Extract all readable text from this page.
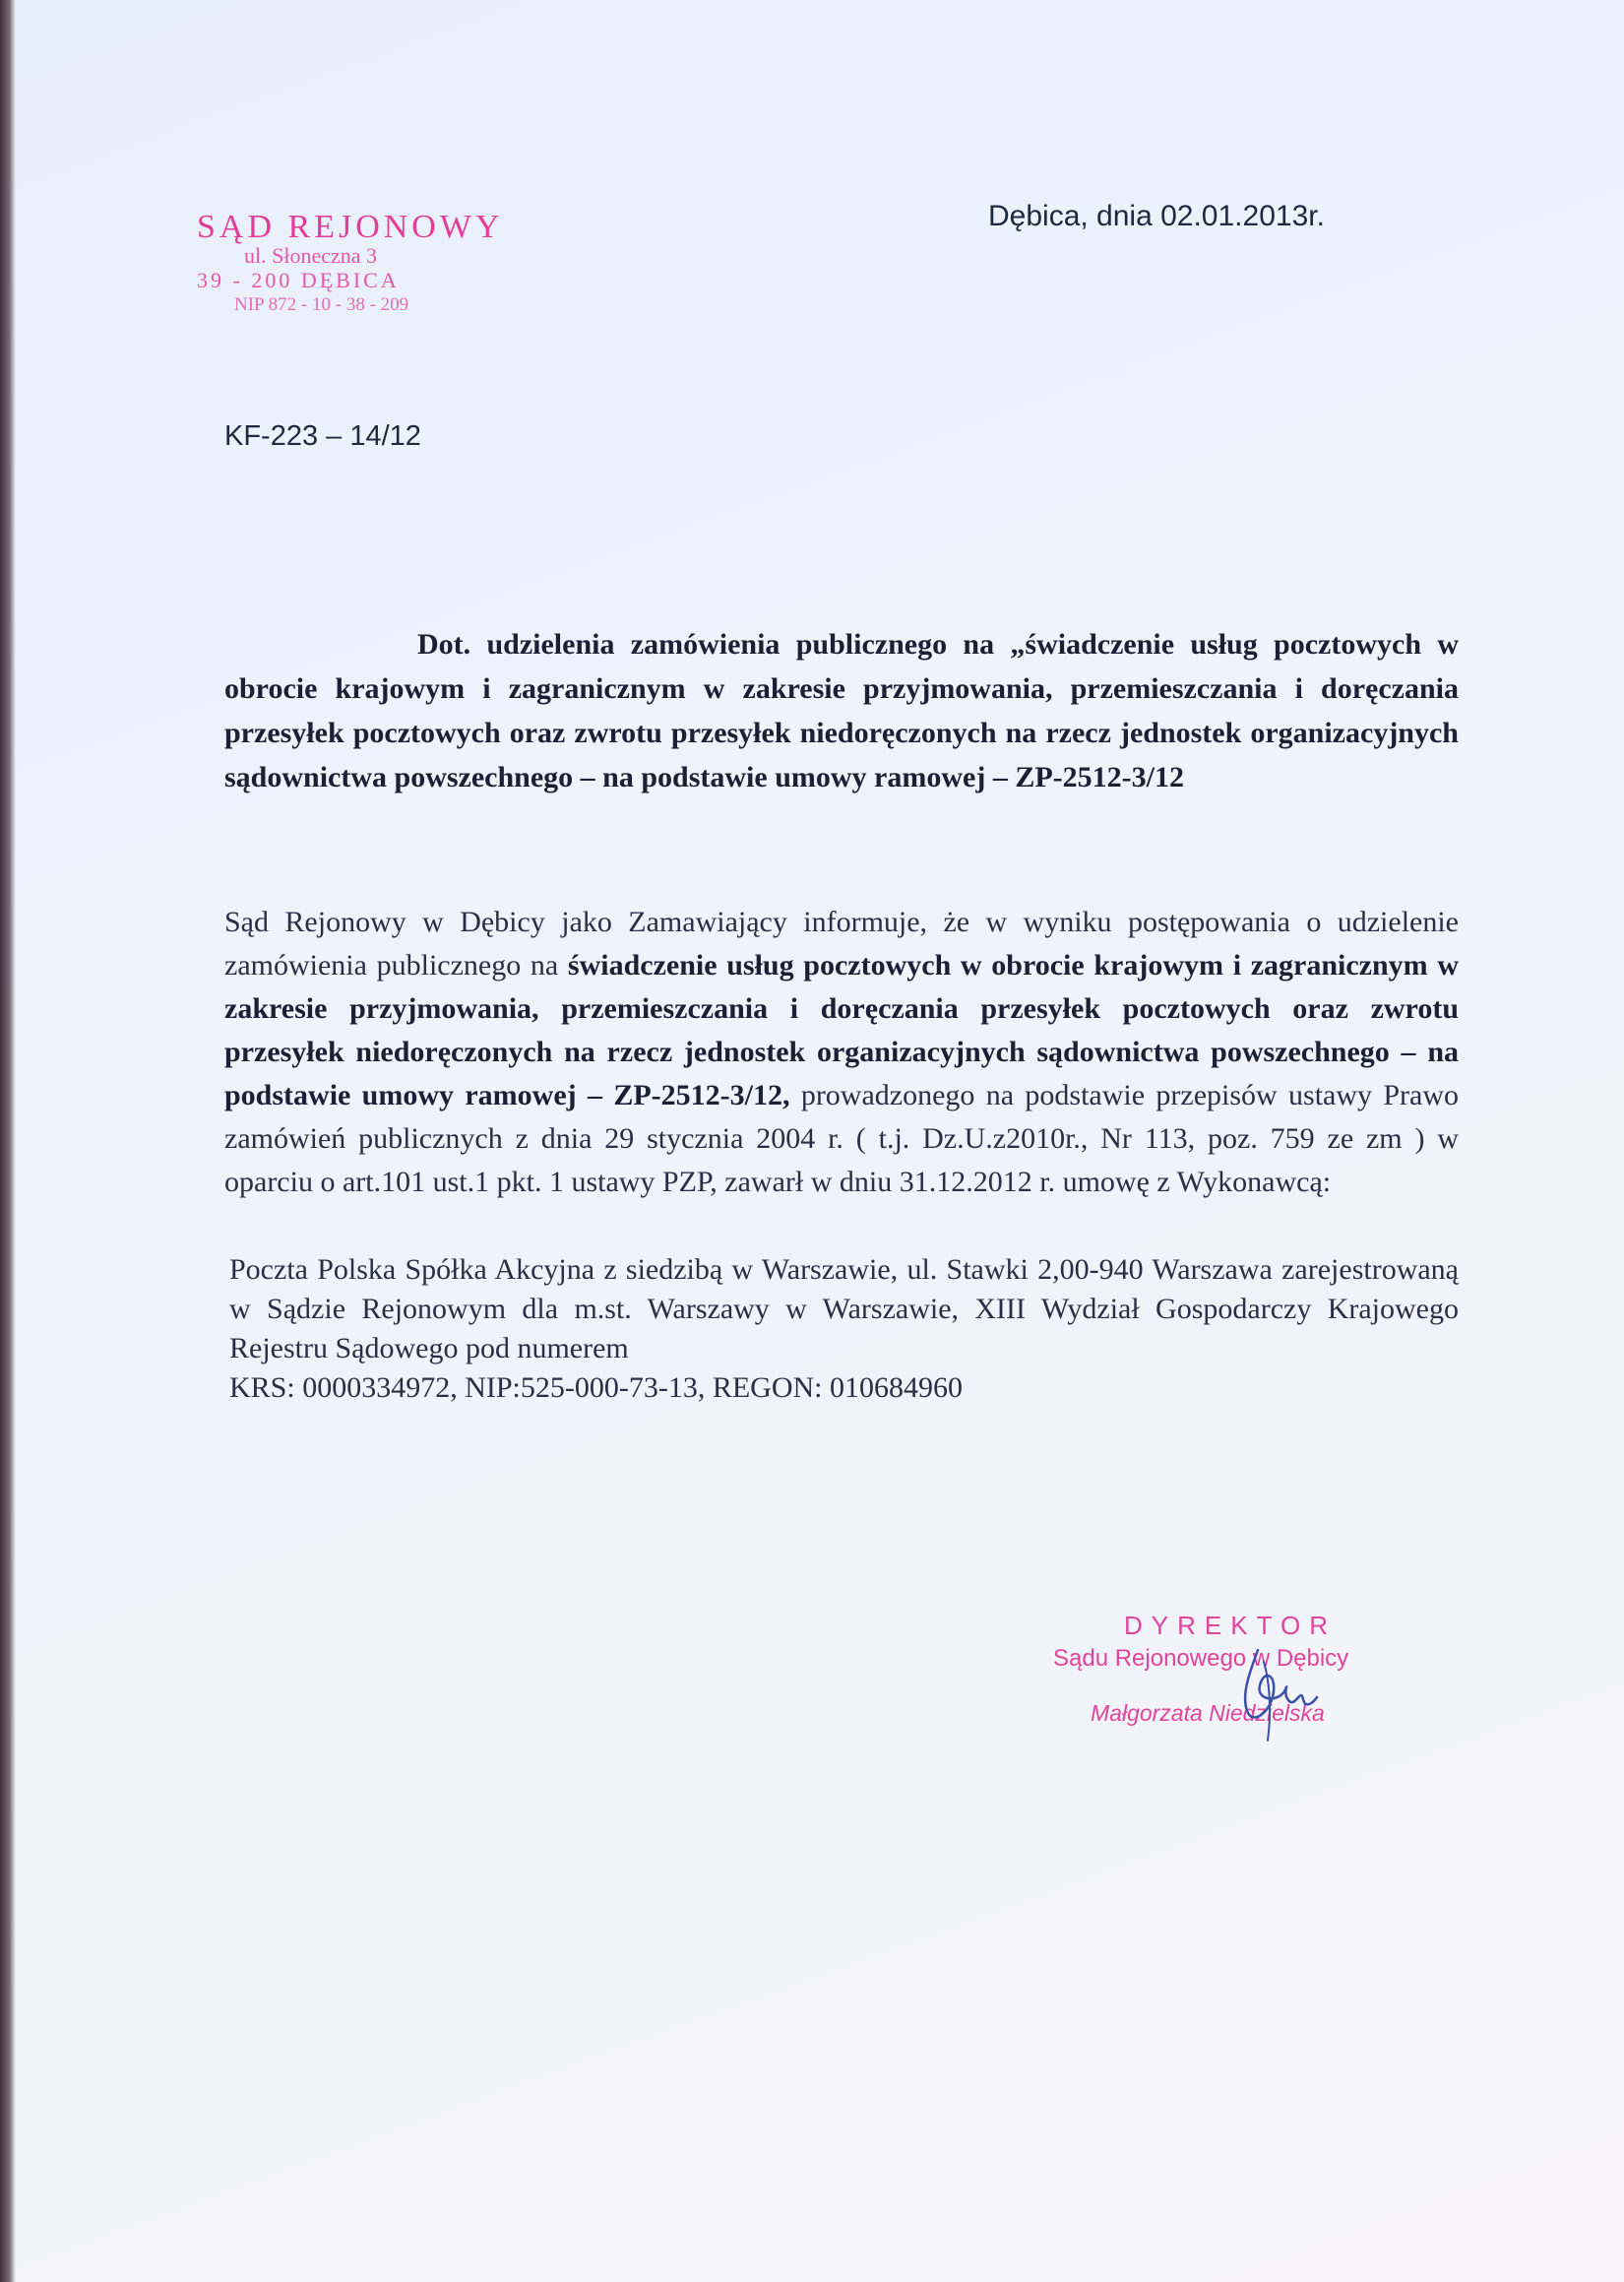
SĄD REJONOWY
ul. Słoneczna 3
39 - 200 DĘBICA
NIP 872 - 10 - 38 - 209
Dębica, dnia 02.01.2013r.
KF-223 – 14/12
Dot. udzielenia zamówienia publicznego na „świadczenie usług pocztowych w obrocie krajowym i zagranicznym w zakresie przyjmowania, przemieszczania i doręczania przesyłek pocztowych oraz zwrotu przesyłek niedoręczonych na rzecz jednostek organizacyjnych sądownictwa powszechnego – na podstawie umowy ramowej – ZP-2512-3/12
Sąd Rejonowy w Dębicy jako Zamawiający informuje, że w wyniku postępowania o udzielenie zamówienia publicznego na świadczenie usług pocztowych w obrocie krajowym i zagranicznym w zakresie przyjmowania, przemieszczania i doręczania przesyłek pocztowych oraz zwrotu przesyłek niedoręczonych na rzecz jednostek organizacyjnych sądownictwa powszechnego – na podstawie umowy ramowej – ZP-2512-3/12, prowadzonego na podstawie przepisów ustawy Prawo zamówień publicznych z dnia 29 stycznia 2004 r. ( t.j. Dz.U.z2010r., Nr 113, poz. 759 ze zm ) w oparciu o art.101 ust.1 pkt. 1 ustawy PZP, zawarł w dniu 31.12.2012 r. umowę z Wykonawcą:
Poczta Polska Spółka Akcyjna z siedzibą w Warszawie, ul. Stawki 2,00-940 Warszawa zarejestrowaną w Sądzie Rejonowym dla m.st. Warszawy w Warszawie, XIII Wydział Gospodarczy Krajowego Rejestru Sądowego pod numerem
KRS: 0000334972, NIP:525-000-73-13, REGON: 010684960
DYREKTOR
Sądu Rejonowego w Dębicy
Małgorzata Niedzielska
